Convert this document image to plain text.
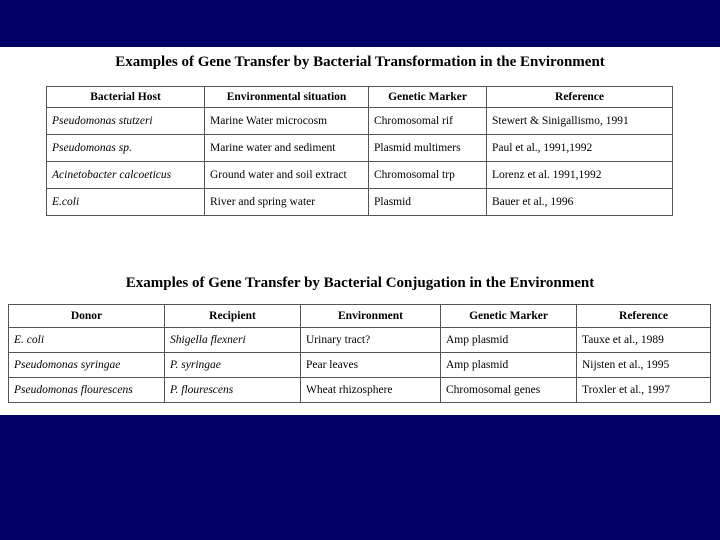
Examples of Gene Transfer by Bacterial Transformation in the Environment
Bacterial Host	Environmental situation	Genetic Marker	Reference
Pseudomonas stutzeri	Marine Water microcosm	Chromosomal rif	Stewert & Sinigallismo, 1991
Pseudomonas sp.	Marine water and sediment	Plasmid multimers	Paul et al., 1991,1992
Acinetobacter calcoeticus	Ground water and soil extract	Chromosomal trp	Lorenz et al. 1991,1992
E.coli	River and spring water	Plasmid	Bauer et al., 1996
Examples of Gene Transfer by Bacterial Conjugation in the Environment
Donor	Recipient	Environment	Genetic Marker	Reference
E. coli	Shigella flexneri	Urinary tract?	Amp plasmid	Tauxe et al., 1989
Pseudomonas syringae	P. syringae	Pear leaves	Amp plasmid	Nijsten et al., 1995
Pseudomonas flourescens	P. flourescens	Wheat rhizosphere	Chromosomal genes	Troxler et al., 1997
